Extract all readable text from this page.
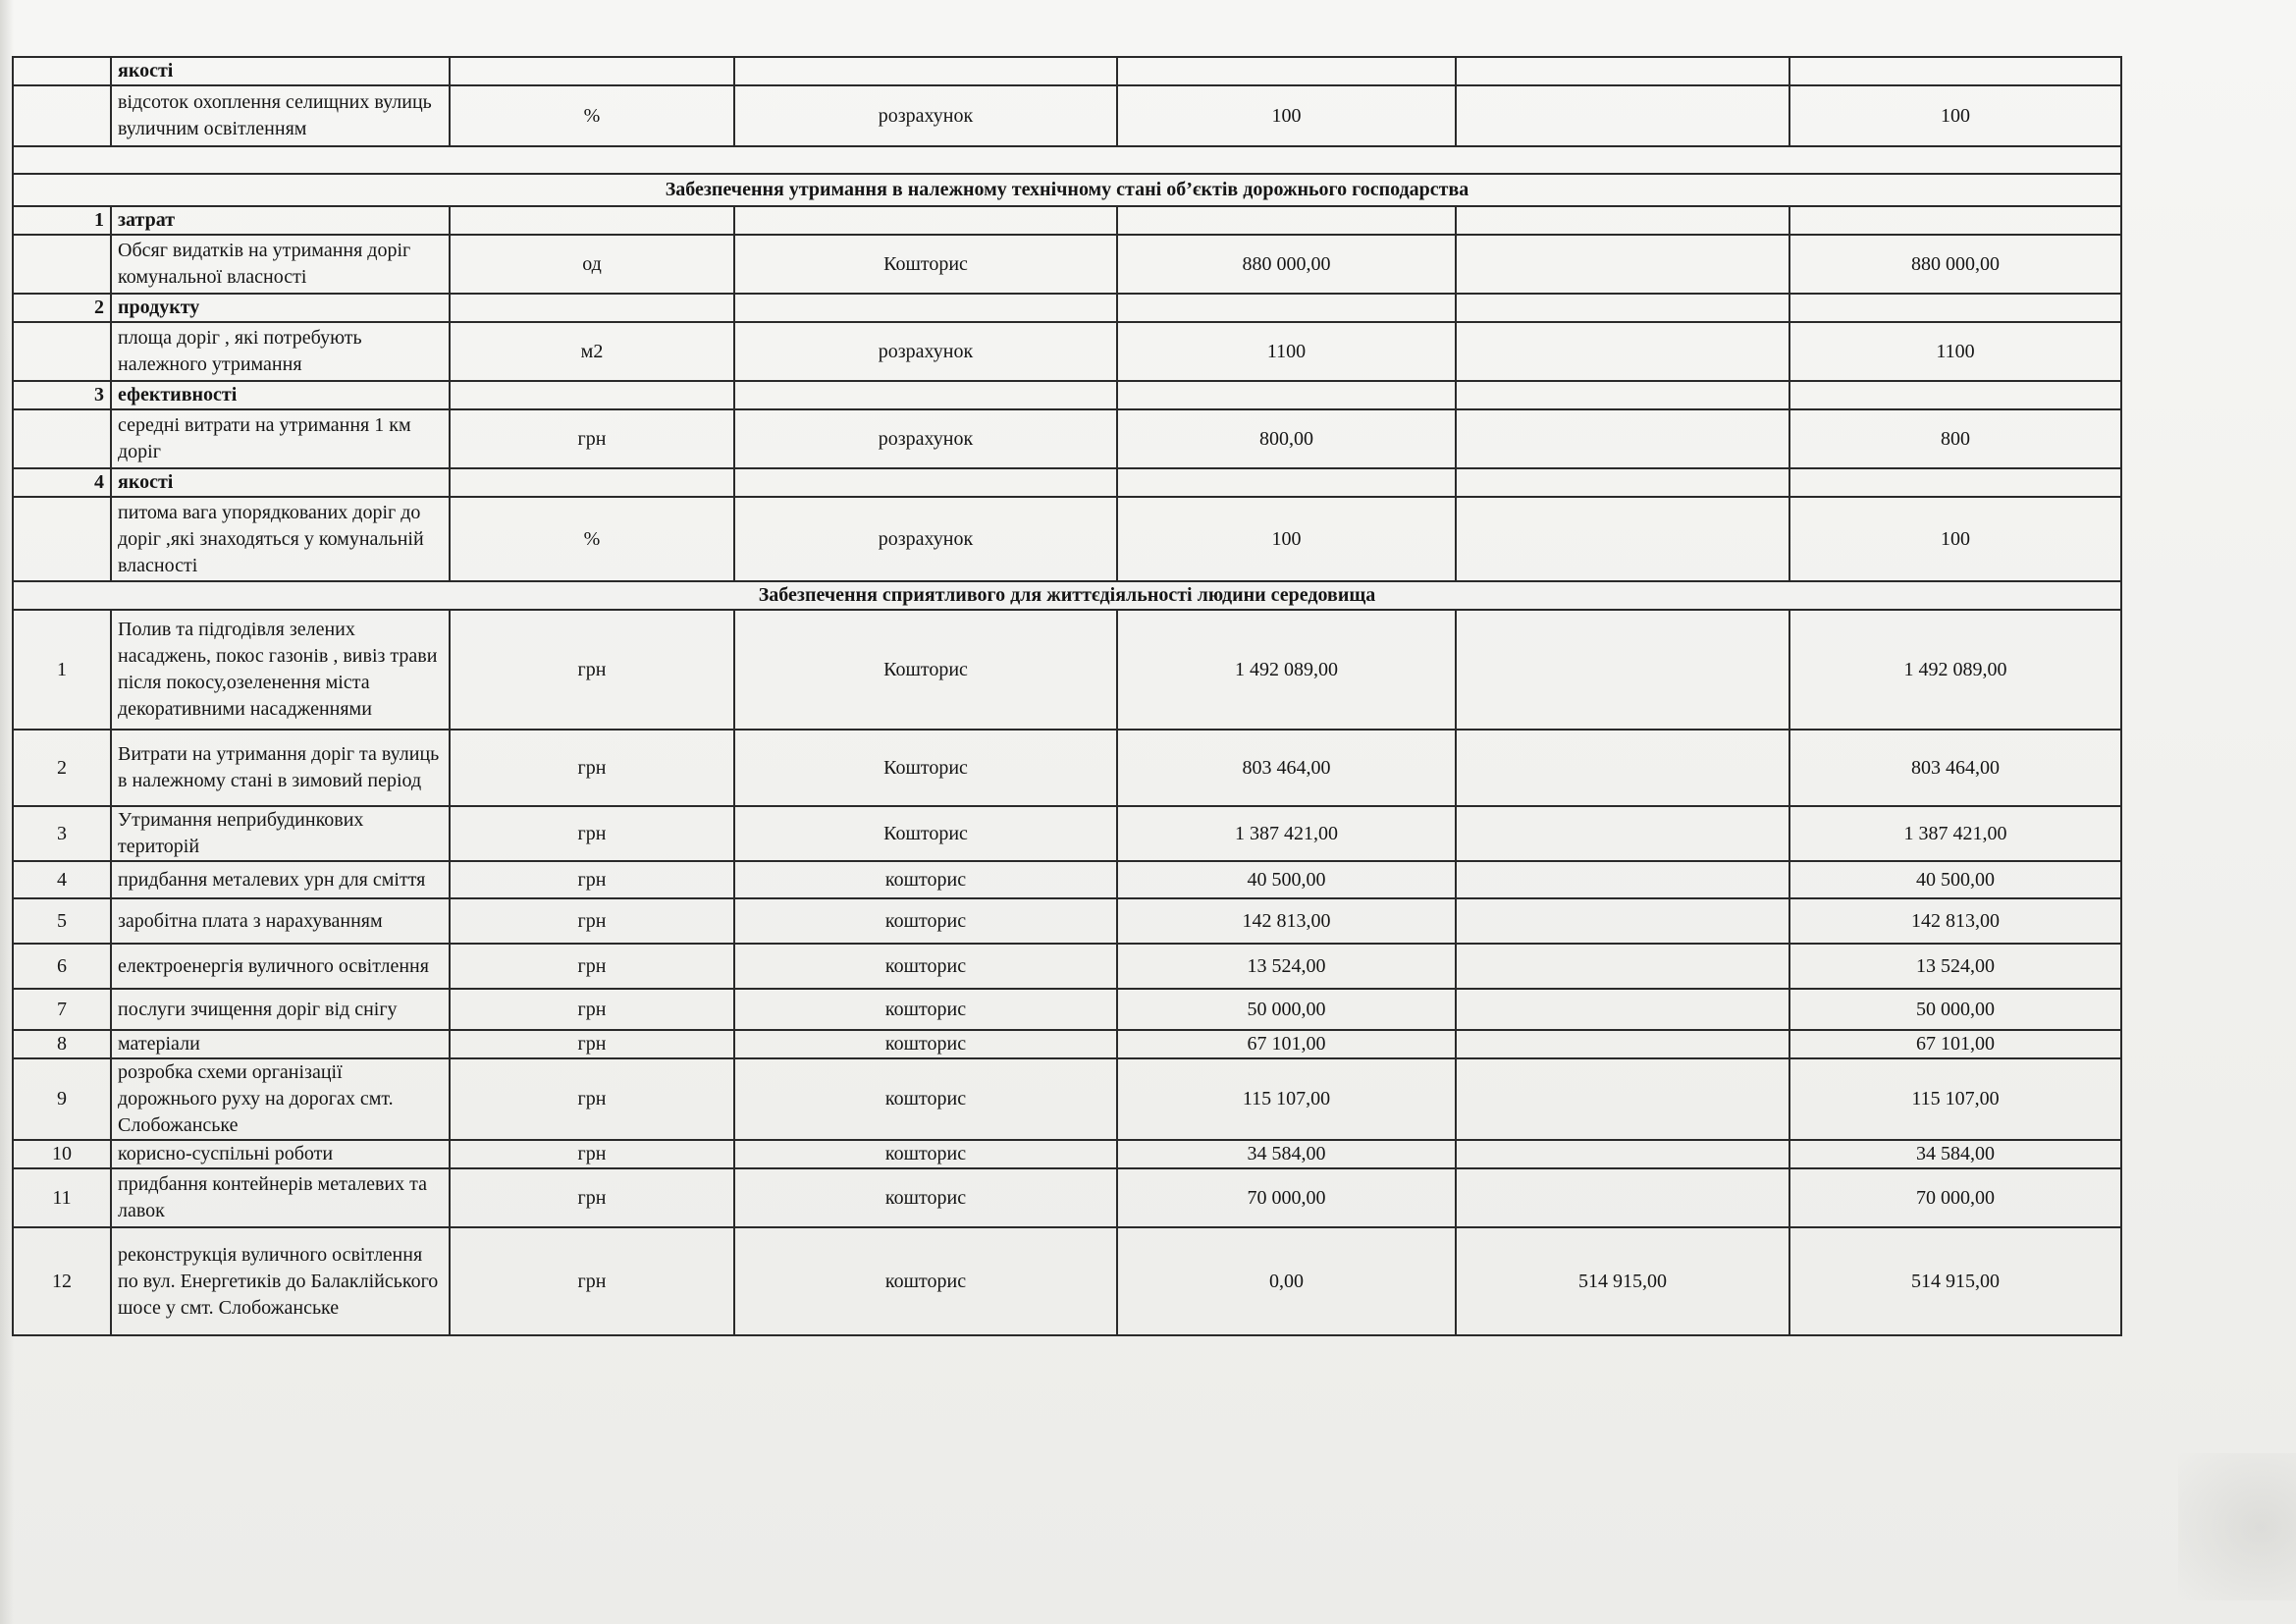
	якості					
	відсоток охоплення селищних вулиць вуличним освітленням	%	розрахунок	100		100

Забезпечення утримання в належному технічному стані об’єктів дорожнього господарства						
1	затрат					
	Обсяг видатків на утримання доріг комунальної власності	од	Кошторис	880 000,00		880 000,00
2	продукту					
	площа доріг , які потребують належного утримання	м2	розрахунок	1100		1100
3	ефективності					
	середні витрати на утримання 1 км доріг	грн	розрахунок	800,00		800
4	якості					
	питома вага упорядкованих доріг до доріг ,які знаходяться у комунальній власності	%	розрахунок	100		100
Забезпечення сприятливого для життєдіяльності людини середовища						
1	Полив та підгодівля зелених насаджень, покос газонів , вивіз трави після покосу,озеленення міста декоративними насадженнями	грн	Кошторис	1 492 089,00		1 492 089,00
2	Витрати на утримання доріг та вулиць в належному стані в зимовий період	грн	Кошторис	803 464,00		803 464,00
3	Утримання неприбудинкових територій	грн	Кошторис	1 387 421,00		1 387 421,00
4	придбання металевих урн для сміття	грн	кошторис	40 500,00		40 500,00
5	заробітна плата з нарахуванням	грн	кошторис	142 813,00		142 813,00
6	електроенергія вуличного освітлення	грн	кошторис	13 524,00		13 524,00
7	послуги зчищення доріг від снігу	грн	кошторис	50 000,00		50 000,00
8	матеріали	грн	кошторис	67 101,00		67 101,00
9	розробка схеми організації дорожнього руху на дорогах смт. Слобожанське	грн	кошторис	115 107,00		115 107,00
10	корисно-суспільні роботи	грн	кошторис	34 584,00		34 584,00
11	придбання контейнерів металевих та лавок	грн	кошторис	70 000,00		70 000,00
12	реконструкція вуличного освітлення по вул. Енергетиків до Балаклійського шосе у смт. Слобожанське	грн	кошторис	0,00	514 915,00	514 915,00
